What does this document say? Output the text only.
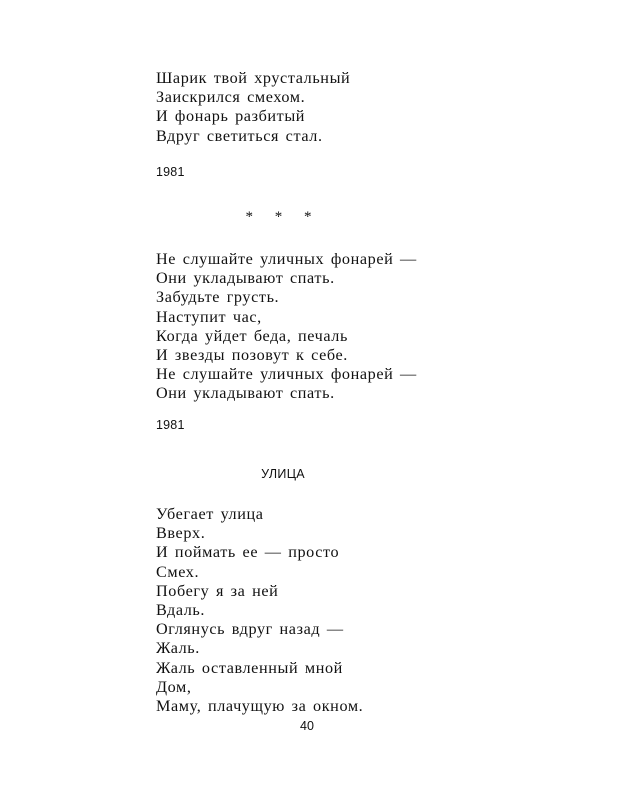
Шарик твой хрустальный
Заискрился смехом.
И фонарь разбитый
Вдруг светиться стал.
1981
* * *
Не слушайте уличных фонарей —
Они укладывают спать.
Забудьте грусть.
Наступит час,
Когда уйдет беда, печаль
И звезды позовут к себе.
Не слушайте уличных фонарей —
Они укладывают спать.
1981
УЛИЦА
Убегает улица
Вверх.
И поймать ее — просто
Смех.
Побегу я за ней
Вдаль.
Оглянусь вдруг назад —
Жаль.
Жаль оставленный мной
Дом,
Маму, плачущую за окном.
40
